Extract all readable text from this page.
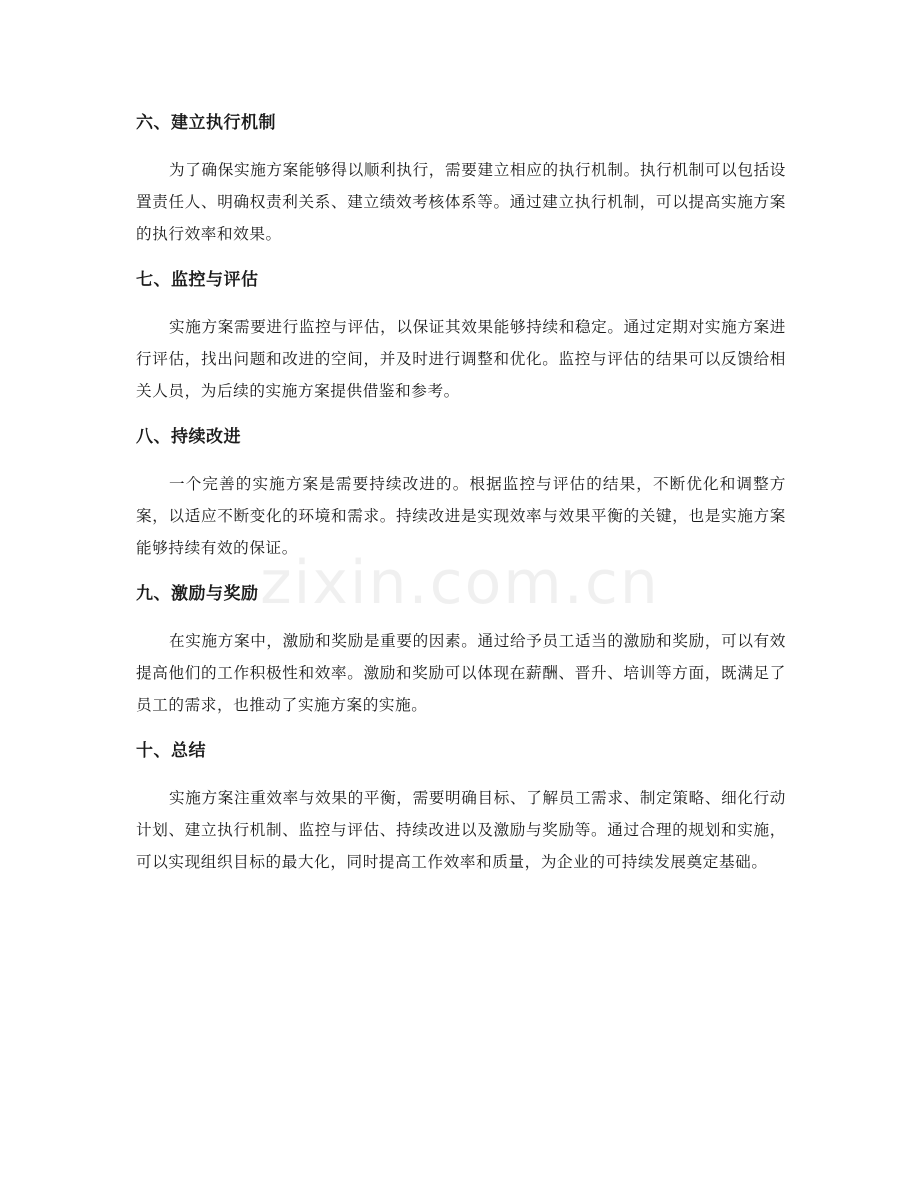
zixin.com.cn
六、建立执行机制

为了确保实施方案能够得以顺利执行，需要建立相应的执行机制。执行机制可以包括设置责任人、明确权责利关系、建立绩效考核体系等。通过建立执行机制，可以提高实施方案的执行效率和效果。

七、监控与评估

实施方案需要进行监控与评估，以保证其效果能够持续和稳定。通过定期对实施方案进行评估，找出问题和改进的空间，并及时进行调整和优化。监控与评估的结果可以反馈给相关人员，为后续的实施方案提供借鉴和参考。

八、持续改进

一个完善的实施方案是需要持续改进的。根据监控与评估的结果，不断优化和调整方案，以适应不断变化的环境和需求。持续改进是实现效率与效果平衡的关键，也是实施方案能够持续有效的保证。

九、激励与奖励

在实施方案中，激励和奖励是重要的因素。通过给予员工适当的激励和奖励，可以有效提高他们的工作积极性和效率。激励和奖励可以体现在薪酬、晋升、培训等方面，既满足了员工的需求，也推动了实施方案的实施。

十、总结

实施方案注重效率与效果的平衡，需要明确目标、了解员工需求、制定策略、细化行动计划、建立执行机制、监控与评估、持续改进以及激励与奖励等。通过合理的规划和实施，可以实现组织目标的最大化，同时提高工作效率和质量，为企业的可持续发展奠定基础。
